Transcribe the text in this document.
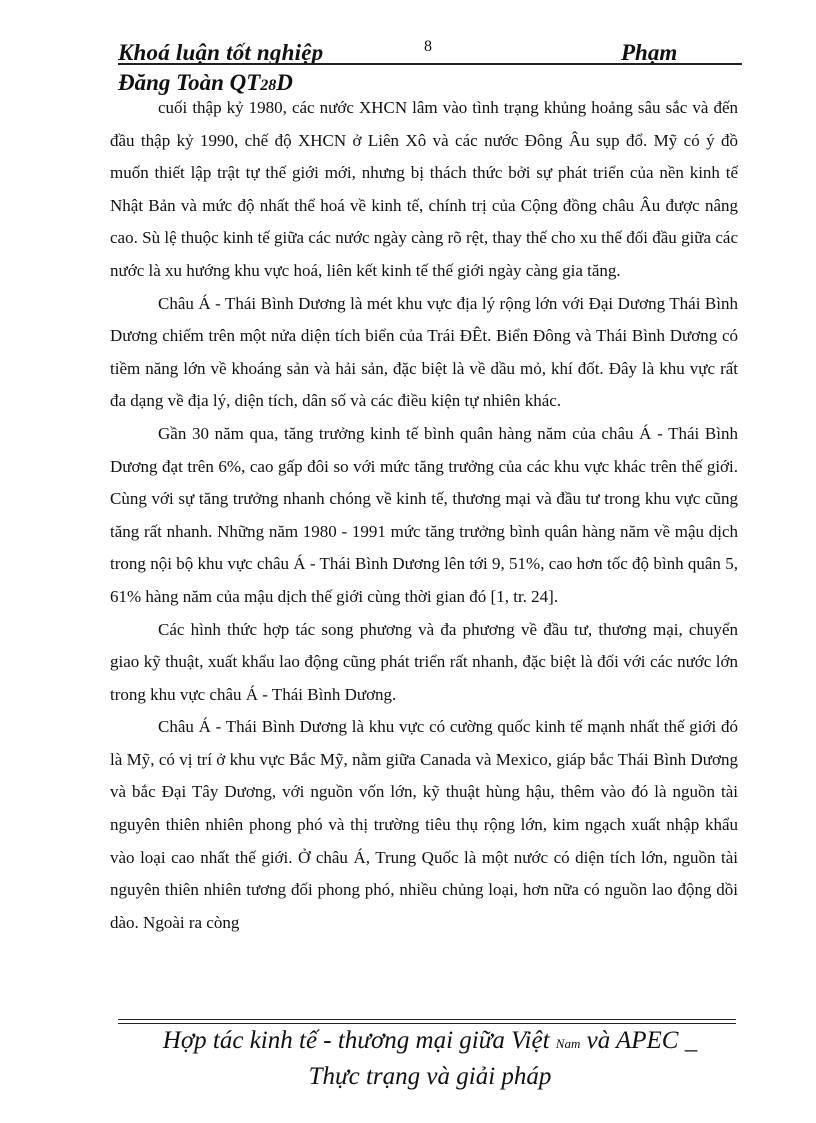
Khoá luận tốt nghiệp	8	Phạm
Đăng Toàn QT28D

cuối thập kỷ 1980, các nước XHCN lâm vào tình trạng khủng hoảng sâu sắc và đến đầu thập kỷ 1990, chế độ XHCN ở Liên Xô và các nước Đông Âu sụp đổ. Mỹ có ý đồ muốn thiết lập trật tự thế giới mới, nhưng bị thách thức bởi sự phát triển của nền kinh tế Nhật Bản và mức độ nhất thể hoá về kinh tế, chính trị của Cộng đồng châu Âu được nâng cao. Sù lệ thuộc kinh tế giữa các nước ngày càng rõ rệt, thay thế cho xu thế đối đầu giữa các nước là xu hướng khu vực hoá, liên kết kinh tế thế giới ngày càng gia tăng.

Châu Á - Thái Bình Dương là mét khu vực địa lý rộng lớn với Đại Dương Thái Bình Dương chiếm trên một nửa diện tích biển của Trái ĐÊt. Biển Đông và Thái Bình Dương có tiềm năng lớn về khoáng sản và hải sản, đặc biệt là về dầu mỏ, khí đốt. Đây là khu vực rất đa dạng về địa lý, diện tích, dân số và các điều kiện tự nhiên khác.

Gần 30 năm qua, tăng trưởng kinh tế bình quân hàng năm của châu Á - Thái Bình Dương đạt trên 6%, cao gấp đôi so với mức tăng trưởng của các khu vực khác trên thế giới. Cùng với sự tăng trưởng nhanh chóng về kinh tế, thương mại và đầu tư trong khu vực cũng tăng rất nhanh. Những năm 1980 - 1991 mức tăng trưởng bình quân hàng năm về mậu dịch trong nội bộ khu vực châu Á - Thái Bình Dương lên tới 9, 51%, cao hơn tốc độ bình quân 5, 61% hàng năm của mậu dịch thế giới cùng thời gian đó [1, tr. 24].

Các hình thức hợp tác song phương và đa phương về đầu tư, thương mại, chuyển giao kỹ thuật, xuất khẩu lao động cũng phát triển rất nhanh, đặc biệt là đối với các nước lớn trong khu vực châu Á - Thái Bình Dương.

Châu Á - Thái Bình Dương là khu vực có cường quốc kinh tế mạnh nhất thế giới đó là Mỹ, có vị trí ở khu vực Bắc Mỹ, nằm giữa Canada và Mexico, giáp bắc Thái Bình Dương và bắc Đại Tây Dương, với nguồn vốn lớn, kỹ thuật hùng hậu, thêm vào đó là nguồn tài nguyên thiên nhiên phong phó và thị trường tiêu thụ rộng lớn, kim ngạch xuất nhập khẩu vào loại cao nhất thế giới. Ở châu Á, Trung Quốc là một nước có diện tích lớn, nguồn tài nguyên thiên nhiên tương đối phong phó, nhiều chủng loại, hơn nữa có nguồn lao động dồi dào. Ngoài ra còng

Hợp tác kinh tế - thương mại giữa Việt Nam và APEC _
Thực trạng và giải pháp
